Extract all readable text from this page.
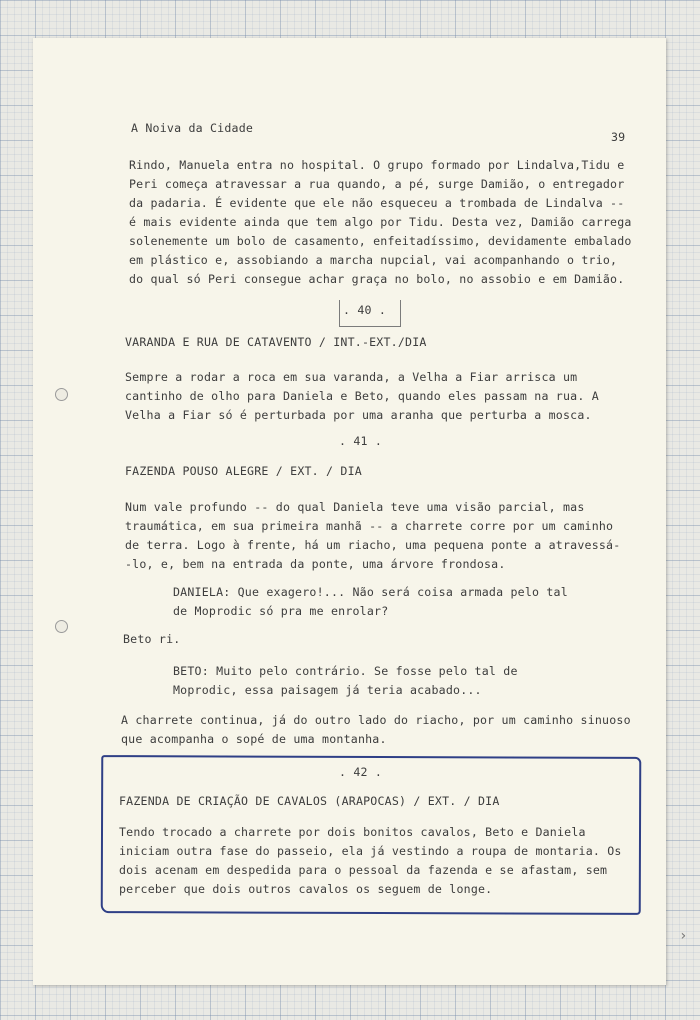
›
A Noiva da Cidade
39
Rindo, Manuela entra no hospital. O grupo formado por Lindalva,Tidu e
Peri começa atravessar a rua quando, a pé, surge Damião, o entregador
da padaria. É evidente que ele não esqueceu a trombada de Lindalva --
é mais evidente ainda que tem algo por Tidu. Desta vez, Damião carrega
solenemente um bolo de casamento, enfeitadíssimo, devidamente embalado
em plástico e, assobiando a marcha nupcial, vai acompanhando o trio,
do qual só Peri consegue achar graça no bolo, no assobio e em Damião.
. 40 .
VARANDA E RUA DE CATAVENTO / INT.-EXT./DIA
Sempre a rodar a roca em sua varanda, a Velha a Fiar arrisca um
cantinho de olho para Daniela e Beto, quando eles passam na rua. A
Velha a Fiar só é perturbada por uma aranha que perturba a mosca.
. 41 .
FAZENDA POUSO ALEGRE / EXT. / DIA
Num vale profundo -- do qual Daniela teve uma visão parcial, mas
traumática, em sua primeira manhã -- a charrete corre por um caminho
de terra. Logo à frente, há um riacho, uma pequena ponte a atravessá-
-lo, e, bem na entrada da ponte, uma árvore frondosa.
DANIELA: Que exagero!... Não será coisa armada pelo tal
de Moprodic só pra me enrolar?
Beto ri.
BETO: Muito pelo contrário. Se fosse pelo tal de
Moprodic, essa paisagem já teria acabado...
A charrete continua, já do outro lado do riacho, por um caminho sinuoso
que acompanha o sopé de uma montanha.
. 42 .
FAZENDA DE CRIAÇÃO DE CAVALOS (ARAPOCAS) / EXT. / DIA
Tendo trocado a charrete por dois bonitos cavalos, Beto e Daniela
iniciam outra fase do passeio, ela já vestindo a roupa de montaria. Os
dois acenam em despedida para o pessoal da fazenda e se afastam, sem
perceber que dois outros cavalos os seguem de longe.
